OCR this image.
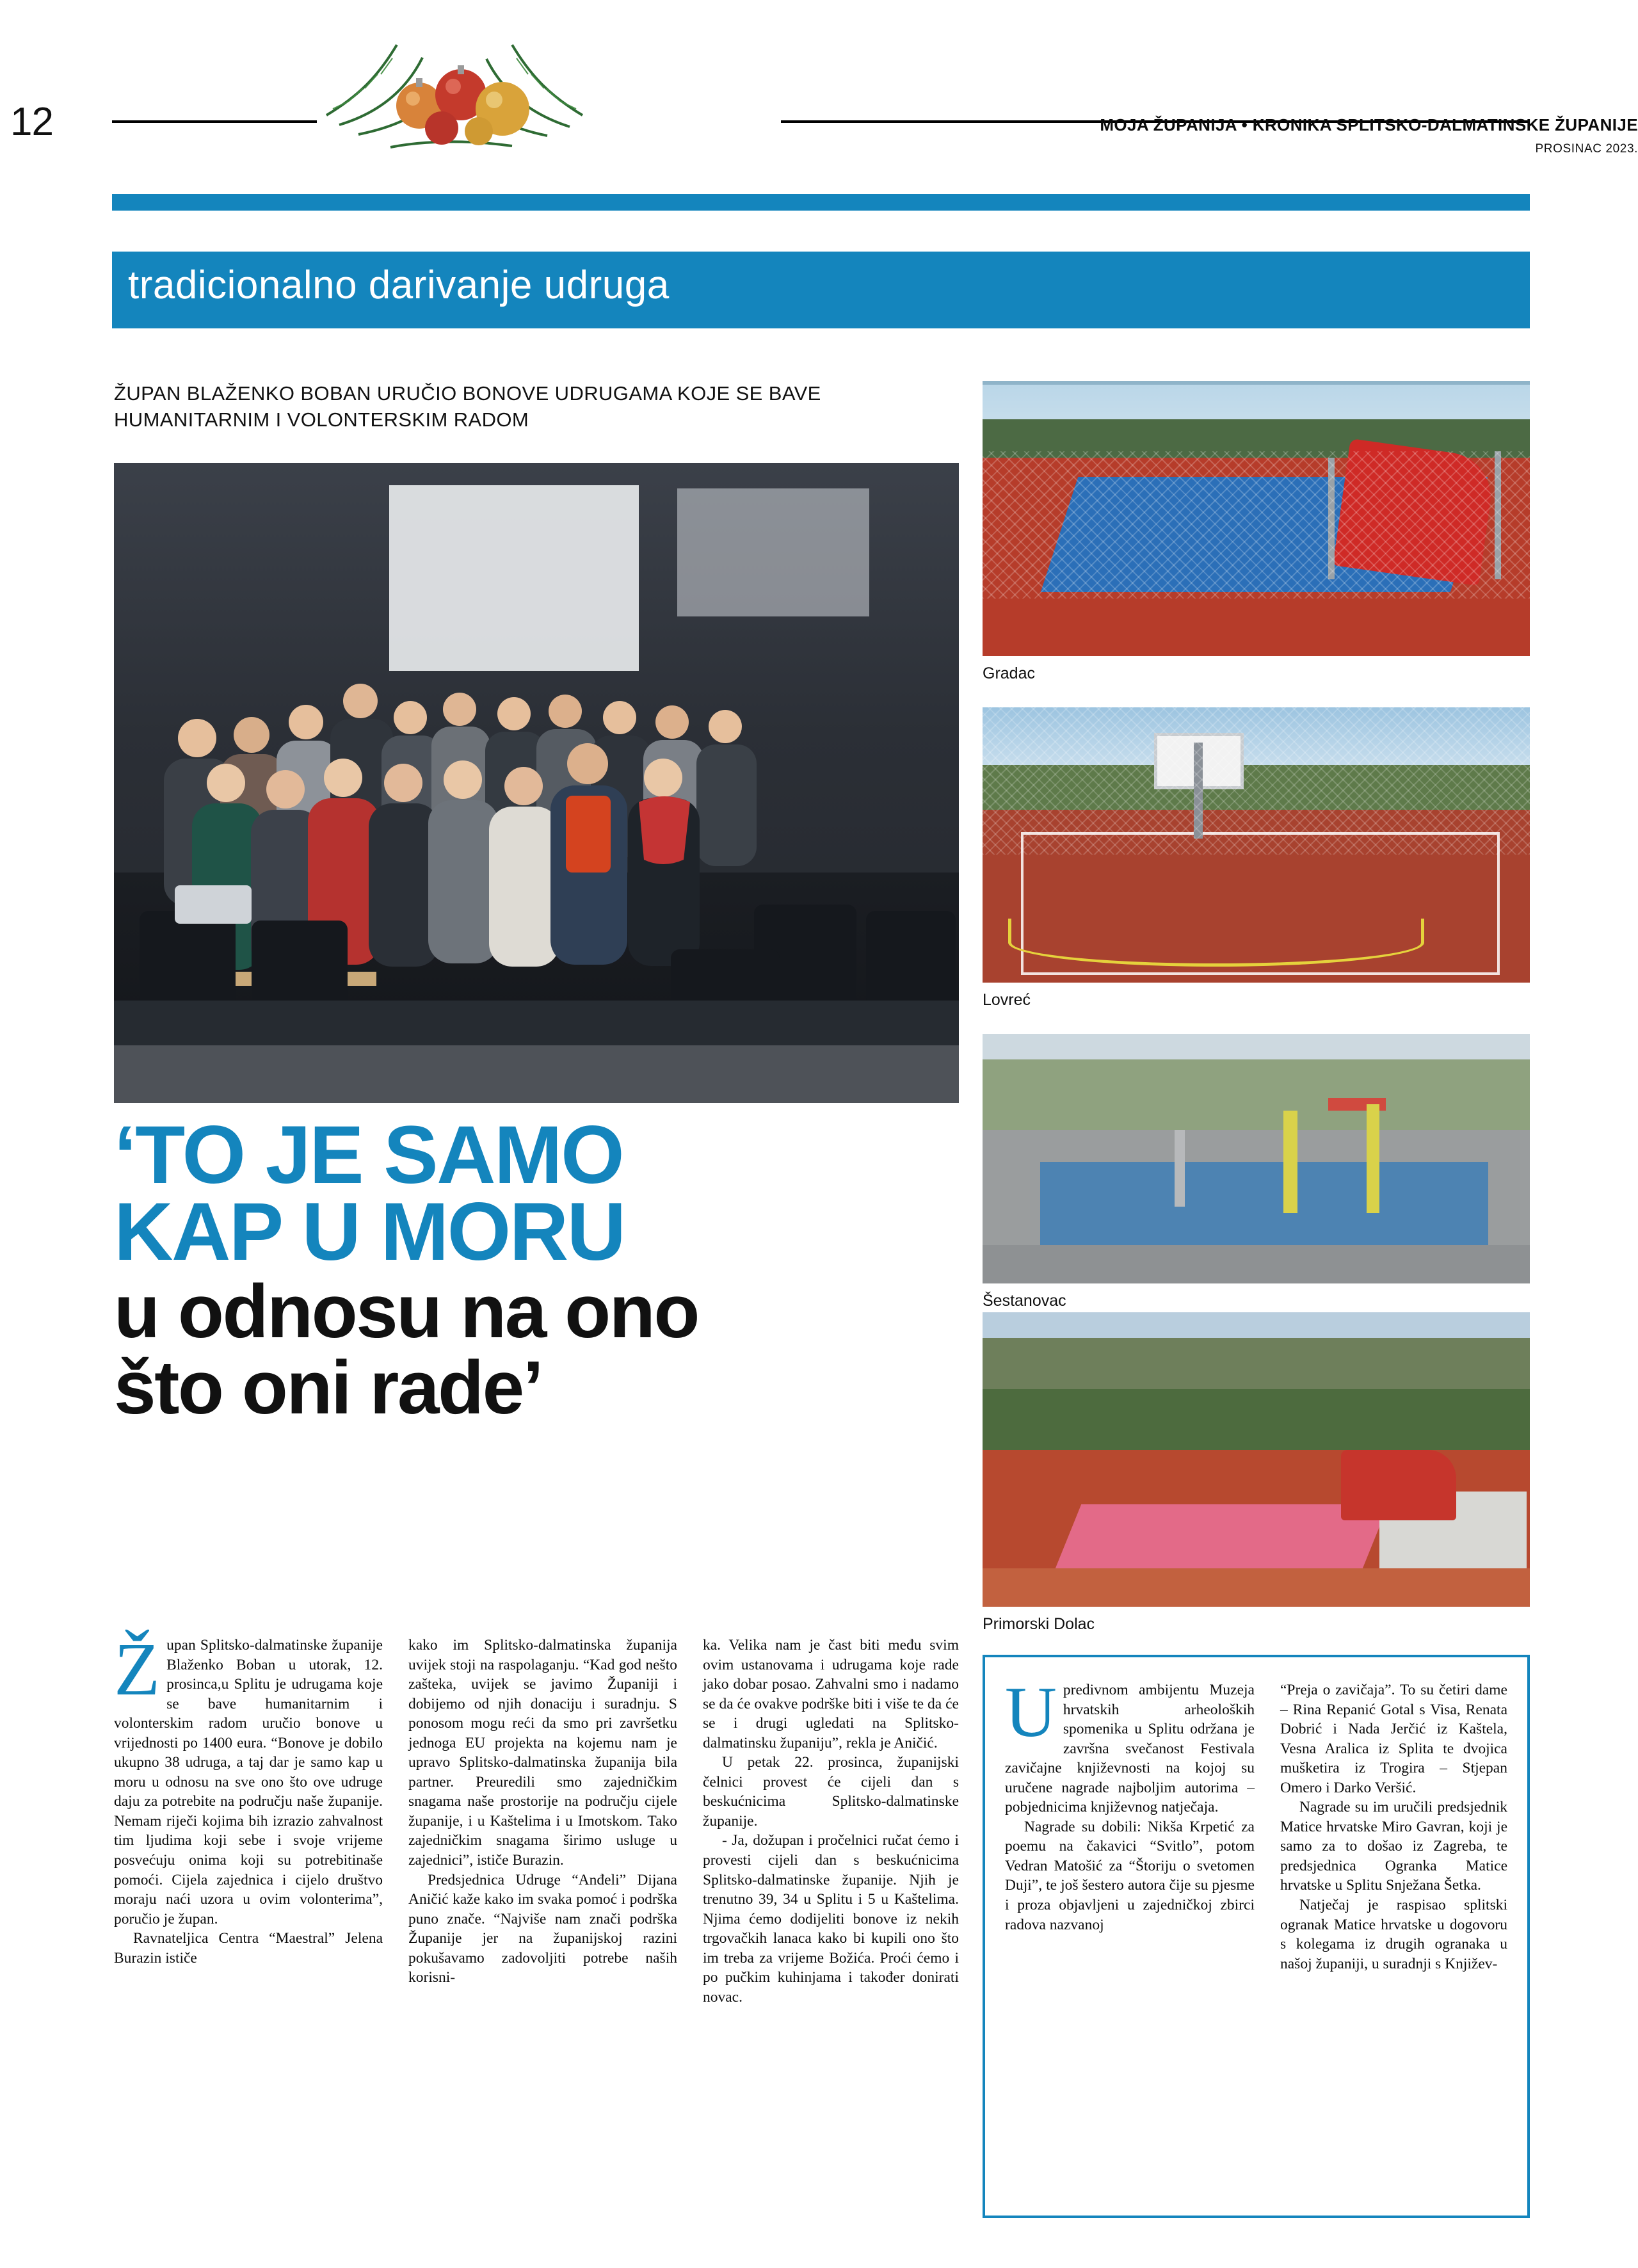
12	MOJA ŽUPANIJA • KRONIKA SPLITSKO-DALMATINSKE ŽUPANIJE
PROSINAC 2023.
tradicionalno darivanje udruga
ŽUPAN BLAŽENKO BOBAN URUČIO BONOVE UDRUGAMA KOJE SE BAVE HUMANITARNIM I VOLONTERSKIM RADOM
Gradac
Lovreć
Šestanovac
Primorski Dolac
‘TO JE SAMO
KAP U MORU
u odnosu na ono
što oni rade’

Župan Splitsko-dalmatinske županije Blaženko Boban u utorak, 12. prosinca,u Splitu je udrugama koje se bave humanitarnim i volonterskim radom uručio bonove u vrijednosti po 1400 eura. “Bonove je dobilo ukupno 38 udruga, a taj dar je samo kap u moru u odnosu na sve ono što ove udruge daju za potrebite na području naše županije. Nemam riječi kojima bih izrazio zahvalnost tim ljudima koji sebe i svoje vrijeme posvećuju onima koji su potrebitinaše pomoći. Cijela zajednica i cijelo društvo moraju naći uzora u ovim volonterima”, poručio je župan.

Ravnateljica Centra “Maestral” Jelena Burazin ističe

kako im Splitsko-dalmatinska županija uvijek stoji na raspolaganju. “Kad god nešto zašteka, uvijek se javimo Županiji i dobijemo od njih donaciju i suradnju. S ponosom mogu reći da smo pri završetku jednoga EU projekta na kojemu nam je upravo Splitsko-dalmatinska županija bila partner. Preuredili smo zajedničkim snagama naše prostorije na području cijele županije, i u Kaštelima i u Imotskom. Tako zajedničkim snagama širimo usluge u zajednici”, ističe Burazin.

Predsjednica Udruge “Anđeli” Dijana Aničić kaže kako im svaka pomoć i podrška puno znače. “Najviše nam znači podrška Županije jer na županijskoj razini pokušavamo zadovoljiti potrebe naših korisni-

ka. Velika nam je čast biti među svim ovim ustanovama i udrugama koje rade jako dobar posao. Zahvalni smo i nadamo se da će ovakve podrške biti i više te da će se i drugi ugledati na Splitsko-dalmatinsku županiju”, rekla je Aničić.

U petak 22. prosinca, županijski čelnici provest će cijeli dan s beskućnicima Splitsko-dalmatinske županije.

- Ja, dožupan i pročelnici ručat ćemo i provesti cijeli dan s beskućnicima Splitsko-dalmatinske županije. Njih je trenutno 39, 34 u Splitu i 5 u Kaštelima. Njima ćemo dodijeliti bonove iz nekih trgovačkih lanaca kako bi kupili ono što im treba za vrijeme Božića. Proći ćemo i po pučkim kuhinjama i također donirati novac.

Upredivnom ambijentu Muzeja hrvatskih arheoloških spomenika u Splitu održana je završna svečanost Festivala zavičajne književnosti na kojoj su uručene nagrade najboljim autorima – pobjednicima književnog natječaja.

Nagrade su dobili: Nikša Krpetić za poemu na čakavici “Svitlo”, potom Vedran Matošić za “Štoriju o svetomen Duji”, te još šestero autora čije su pjesme i proza objavljeni u zajedničkoj zbirci radova nazvanoj

“Preja o zavičaja”. To su četiri dame – Rina Repanić Gotal s Visa, Renata Dobrić i Nada Jerčić iz Kaštela, Vesna Aralica iz Splita te dvojica mušketira iz Trogira – Stjepan Omero i Darko Veršić.

Nagrade su im uručili predsjednik Matice hrvatske Miro Gavran, koji je samo za to došao iz Zagreba, te predsjednica Ogranka Matice hrvatske u Splitu Snježana Šetka.

Natječaj je raspisao splitski ogranak Matice hrvatske u dogovoru s kolegama iz drugih ogranaka u našoj županiji, u suradnji s Književ-
